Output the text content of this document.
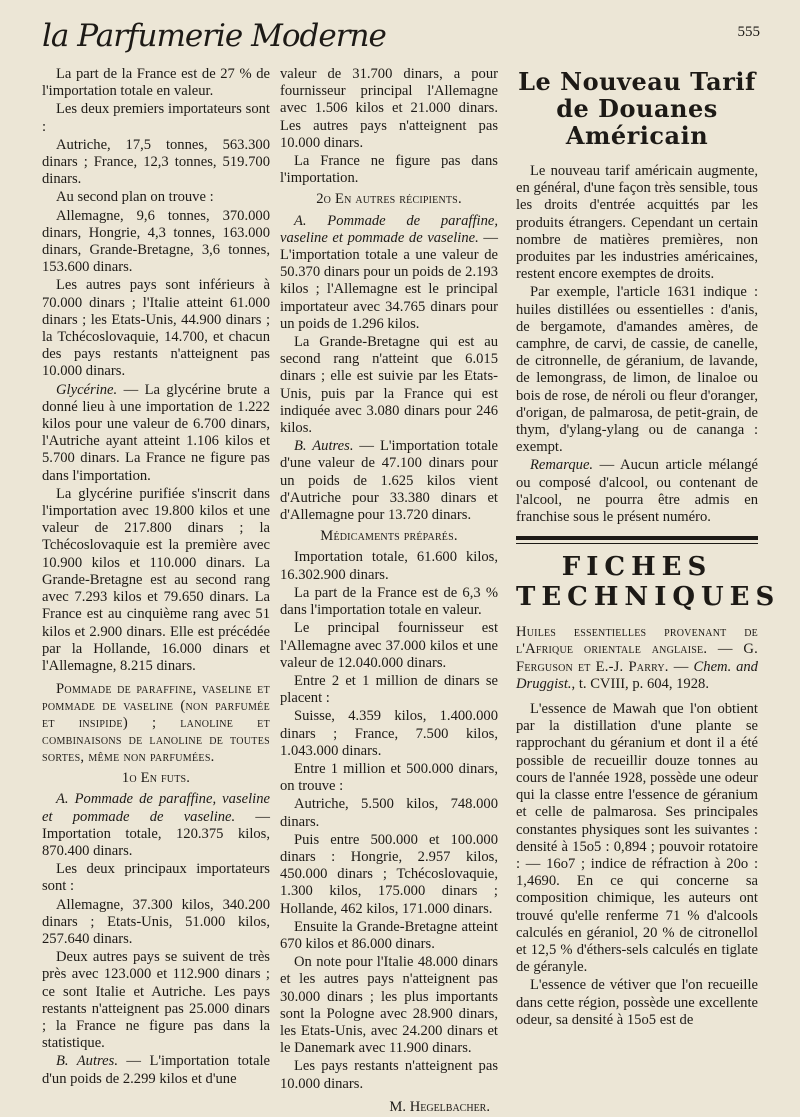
la Parfumerie Moderne	555

La part de la France est de 27 % de l'importation totale en valeur.

Les deux premiers importateurs sont :

Autriche, 17,5 tonnes, 563.300 dinars ; France, 12,3 tonnes, 519.700 dinars.

Au second plan on trouve :

Allemagne, 9,6 tonnes, 370.000 dinars, Hongrie, 4,3 tonnes, 163.000 dinars, Grande-Bretagne, 3,6 tonnes, 153.600 dinars.

Les autres pays sont inférieurs à 70.000 dinars ; l'Italie atteint 61.000 dinars ; les Etats-Unis, 44.900 dinars ; la Tchécoslovaquie, 14.700, et chacun des pays restants n'atteignent pas 10.000 dinars.

Glycérine. — La glycérine brute a donné lieu à une importation de 1.222 kilos pour une valeur de 6.700 dinars, l'Autriche ayant atteint 1.106 kilos et 5.700 dinars. La France ne figure pas dans l'importation.

La glycérine purifiée s'inscrit dans l'importation avec 19.800 kilos et une valeur de 217.800 dinars ; la Tchécoslovaquie est la première avec 10.900 kilos et 110.000 dinars. La Grande-Bretagne est au second rang avec 7.293 kilos et 79.650 dinars. La France est au cinquième rang avec 51 kilos et 2.900 dinars. Elle est précédée par la Hollande, 16.000 dinars et l'Allemagne, 8.215 dinars.

Pommade de paraffine, vaseline et pommade de vaseline (non parfumée et insipide) ; lanoline et combinaisons de lanoline de toutes sortes, même non parfumées.

1o En futs.

A. Pommade de paraffine, vaseline et pommade de vaseline. — Importation totale, 120.375 kilos, 870.400 dinars.

Les deux principaux importateurs sont :

Allemagne, 37.300 kilos, 340.200 dinars ; Etats-Unis, 51.000 kilos, 257.640 dinars.

Deux autres pays se suivent de très près avec 123.000 et 112.900 dinars ; ce sont Italie et Autriche. Les pays restants n'atteignent pas 25.000 dinars ; la France ne figure pas dans la statistique.

B. Autres. — L'importation totale d'un poids de 2.299 kilos et d'une

valeur de 31.700 dinars, a pour fournisseur principal l'Allemagne avec 1.506 kilos et 21.000 dinars. Les autres pays n'atteignent pas 10.000 dinars.

La France ne figure pas dans l'importation.

2o En autres récipients.

A. Pommade de paraffine, vaseline et pommade de vaseline. — L'importation totale a une valeur de 50.370 dinars pour un poids de 2.193 kilos ; l'Allemagne est le principal importateur avec 34.765 dinars pour un poids de 1.296 kilos.

La Grande-Bretagne qui est au second rang n'atteint que 6.015 dinars ; elle est suivie par les Etats-Unis, puis par la France qui est indiquée avec 3.080 dinars pour 246 kilos.

B. Autres. — L'importation totale d'une valeur de 47.100 dinars pour un poids de 1.625 kilos vient d'Autriche pour 33.380 dinars et d'Allemagne pour 13.720 dinars.

Médicaments préparés.

Importation totale, 61.600 kilos, 16.302.900 dinars.

La part de la France est de 6,3 % dans l'importation totale en valeur.

Le principal fournisseur est l'Allemagne avec 37.000 kilos et une valeur de 12.040.000 dinars.

Entre 2 et 1 million de dinars se placent :

Suisse, 4.359 kilos, 1.400.000 dinars ; France, 7.500 kilos, 1.043.000 dinars.

Entre 1 million et 500.000 dinars, on trouve :

Autriche, 5.500 kilos, 748.000 dinars.

Puis entre 500.000 et 100.000 dinars : Hongrie, 2.957 kilos, 450.000 dinars ; Tchécoslovaquie, 1.300 kilos, 175.000 dinars ; Hollande, 462 kilos, 171.000 dinars.

Ensuite la Grande-Bretagne atteint 670 kilos et 86.000 dinars.

On note pour l'Italie 48.000 dinars et les autres pays n'atteignent pas 30.000 dinars ; les plus importants sont la Pologne avec 28.900 dinars, les Etats-Unis, avec 24.200 dinars et le Danemark avec 11.900 dinars.

Les pays restants n'atteignent pas 10.000 dinars.

M. Hegelbacher.

Le Nouveau Tarif de Douanes Américain

Le nouveau tarif américain augmente, en général, d'une façon très sensible, tous les droits d'entrée acquittés par les produits étrangers. Cependant un certain nombre de matières premières, non produites par les industries américaines, restent encore exemptes de droits.

Par exemple, l'article 1631 indique : huiles distillées ou essentielles : d'anis, de bergamote, d'amandes amères, de camphre, de carvi, de cassie, de canelle, de citronnelle, de géranium, de lavande, de lemongrass, de limon, de linaloe ou bois de rose, de néroli ou fleur d'oranger, d'origan, de palmarosa, de petit-grain, de thym, d'ylang-ylang ou de cananga : exempt.

Remarque. — Aucun article mélangé ou composé d'alcool, ou contenant de l'alcool, ne pourra être admis en franchise sous le présent numéro.

FICHES TECHNIQUES

Huiles essentielles provenant de l'Afrique orientale anglaise. — G. Ferguson et E.-J. Parry. — Chem. and Druggist., t. CVIII, p. 604, 1928.

L'essence de Mawah que l'on obtient par la distillation d'une plante se rapprochant du géranium et dont il a été possible de recueillir douze tonnes au cours de l'année 1928, possède une odeur qui la classe entre l'essence de géranium et celle de palmarosa. Ses principales constantes physiques sont les suivantes : densité à 15o5 : 0,894 ; pouvoir rotatoire : — 16o7 ; indice de réfraction à 20o : 1,4690. En ce qui concerne sa composition chimique, les auteurs ont trouvé qu'elle renferme 71 % d'alcools calculés en géraniol, 20 % de citronellol et 12,5 % d'éthers-sels calculés en tiglate de géranyle.

L'essence de vétiver que l'on recueille dans cette région, possède une excellente odeur, sa densité à 15o5 est de
